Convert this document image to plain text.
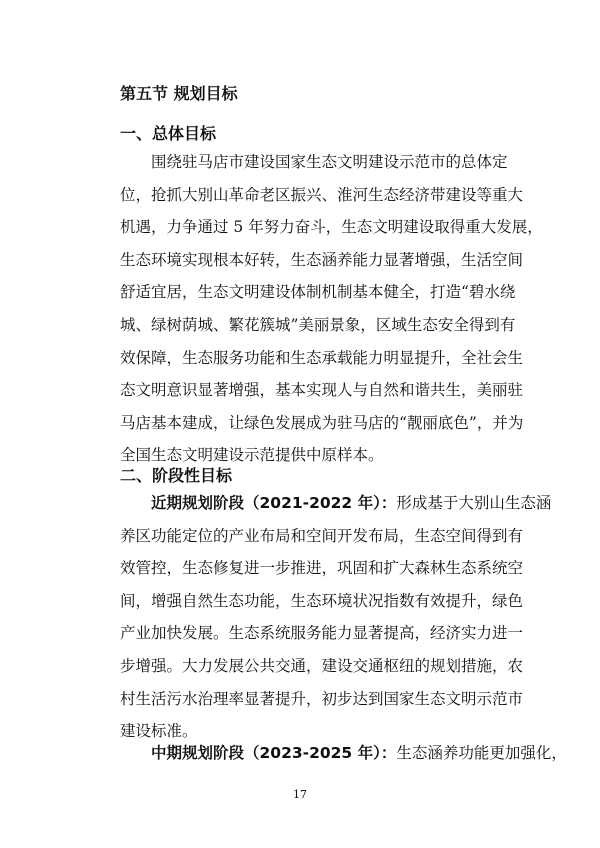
第五节 规划目标
一、总体目标
围绕驻马店市建设国家生态文明建设示范市的总体定
位，抢抓大别山革命老区振兴、淮河生态经济带建设等重大
机遇，力争通过 5 年努力奋斗，生态文明建设取得重大发展，
生态环境实现根本好转，生态涵养能力显著增强，生活空间
舒适宜居，生态文明建设体制机制基本健全，打造“碧水绕
城、绿树荫城、繁花簇城”美丽景象，区域生态安全得到有
效保障，生态服务功能和生态承载能力明显提升，全社会生
态文明意识显著增强，基本实现人与自然和谐共生，美丽驻
马店基本建成，让绿色发展成为驻马店的“靓丽底色”，并为
全国生态文明建设示范提供中原样本。
二、阶段性目标
近期规划阶段（2021-2022 年）：形成基于大别山生态涵
养区功能定位的产业布局和空间开发布局，生态空间得到有
效管控，生态修复进一步推进，巩固和扩大森林生态系统空
间，增强自然生态功能，生态环境状况指数有效提升，绿色
产业加快发展。生态系统服务能力显著提高，经济实力进一
步增强。大力发展公共交通，建设交通枢纽的规划措施，农
村生活污水治理率显著提升，初步达到国家生态文明示范市
建设标准。
中期规划阶段（2023-2025 年）：生态涵养功能更加强化，
17
